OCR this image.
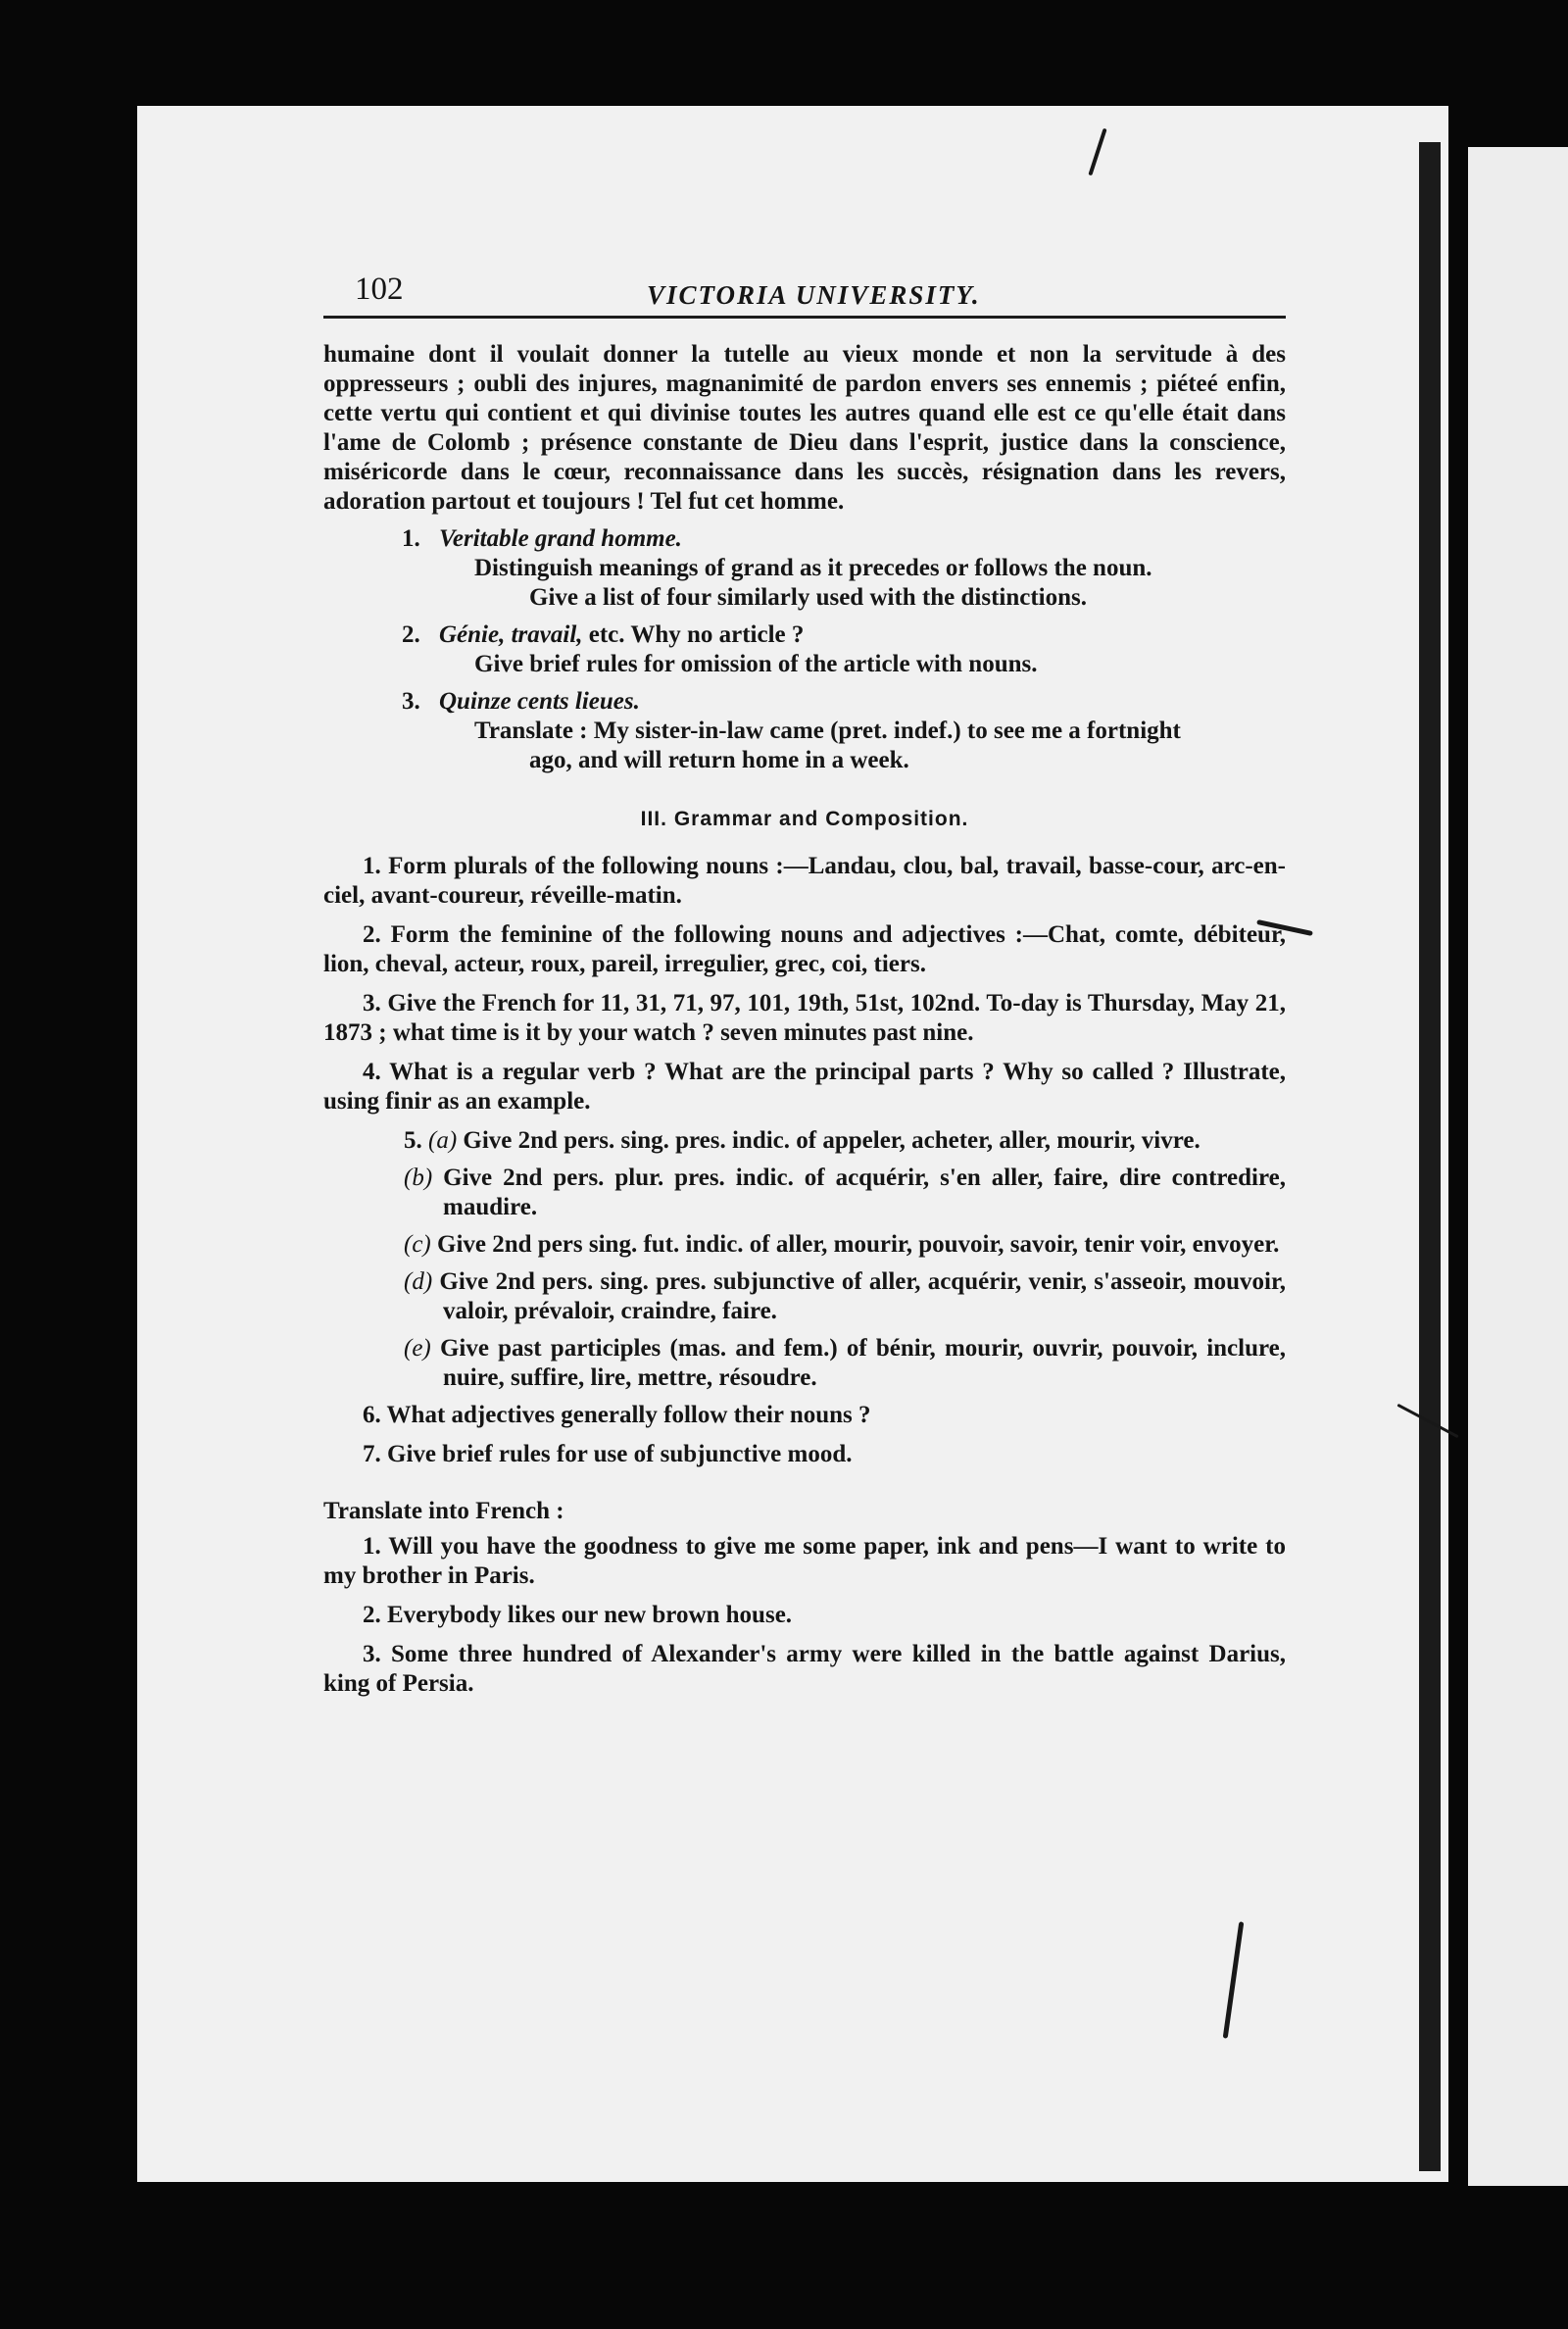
102	VICTORIA UNIVERSITY.

humaine dont il voulait donner la tutelle au vieux monde et non la servitude à des oppresseurs ; oubli des injures, magnanimité de pardon envers ses ennemis ; piétеé enfin, cette vertu qui contient et qui divinise toutes les autres quand elle est ce qu'elle était dans l'ame de Colomb ; présence constante de Dieu dans l'esprit, justice dans la conscience, miséricorde dans le cœur, reconnaissance dans les succès, résignation dans les revers, adoration partout et toujours ! Tel fut cet homme.

1. Veritable grand homme.
Distinguish meanings of grand as it precedes or follows the noun.
Give a list of four similarly used with the distinctions.
2. Génie, travail, etc. Why no article ?
Give brief rules for omission of the article with nouns.
3. Quinze cents lieues.
Translate : My sister-in-law came (pret. indef.) to see me a fortnight
ago, and will return home in a week.
III. Grammar and Composition.

1. Form plurals of the following nouns :—Landau, clou, bal, travail, basse-cour, arc-en-ciel, avant-coureur, réveille-matin.

2. Form the feminine of the following nouns and adjectives :—Chat, comte, débiteur, lion, cheval, acteur, roux, pareil, irregulier, grec, coi, tiers.

3. Give the French for 11, 31, 71, 97, 101, 19th, 51st, 102nd. To-day is Thursday, May 21, 1873 ; what time is it by your watch ? seven minutes past nine.

4. What is a regular verb ? What are the principal parts ? Why so called ? Illustrate, using finir as an example.

5. (a) Give 2nd pers. sing. pres. indic. of appeler, acheter, aller, mourir, vivre.

(b) Give 2nd pers. plur. pres. indic. of acquérir, s'en aller, faire, dire contredire, maudire.

(c) Give 2nd pers sing. fut. indic. of aller, mourir, pouvoir, savoir, tenir voir, envoyer.

(d) Give 2nd pers. sing. pres. subjunctive of aller, acquérir, venir, s'asseoir, mouvoir, valoir, prévaloir, craindre, faire.

(e) Give past participles (mas. and fem.) of bénir, mourir, ouvrir, pouvoir, inclure, nuire, suffire, lire, mettre, résoudre.

6. What adjectives generally follow their nouns ?

7. Give brief rules for use of subjunctive mood.

Translate into French :

1. Will you have the goodness to give me some paper, ink and pens—I want to write to my brother in Paris.

2. Everybody likes our new brown house.

3. Some three hundred of Alexander's army were killed in the battle against Darius, king of Persia.
